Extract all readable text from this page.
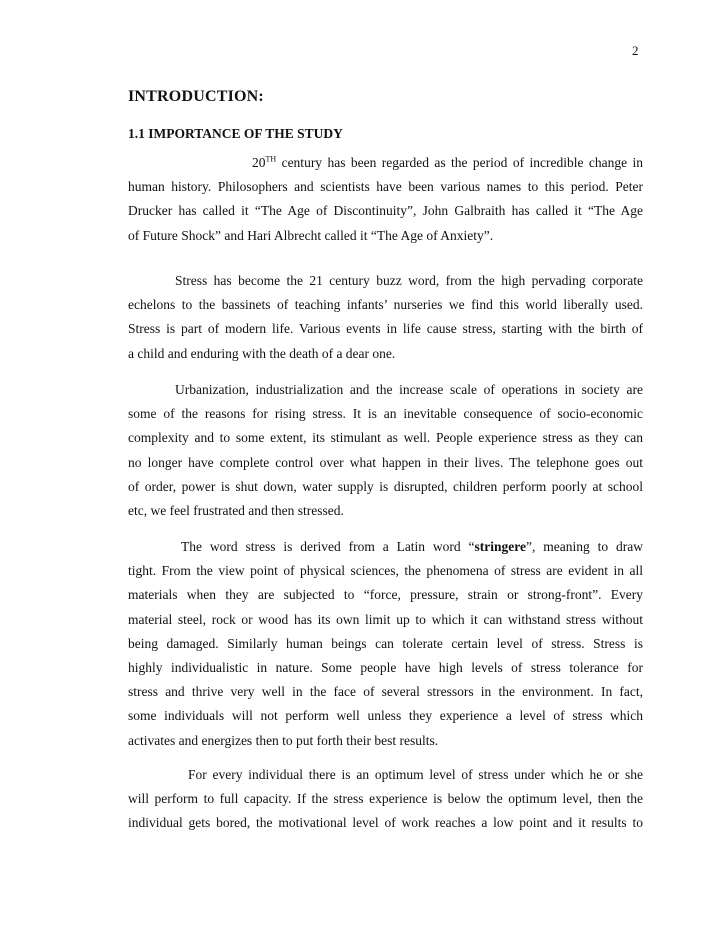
2
INTRODUCTION:
1.1 IMPORTANCE OF THE STUDY
20TH century has been regarded as the period of incredible change in
human history. Philosophers and scientists have been various names to this period. Peter
Drucker has called it “The Age of Discontinuity”, John Galbraith has called it “The Age
of Future Shock” and Hari Albrecht called it “The Age of Anxiety”.
Stress has become the 21 century buzz word, from the high pervading corporate
echelons to the bassinets of teaching infants’ nurseries we find this world liberally used.
Stress is part of modern life. Various events in life cause stress, starting with the birth of
a child and enduring with the death of a dear one.
Urbanization, industrialization and the increase scale of operations in society are
some of the reasons for rising stress. It is an inevitable consequence of socio-economic
complexity and to some extent, its stimulant as well. People experience stress as they can
no longer have complete control over what happen in their lives. The telephone goes out
of order, power is shut down, water supply is disrupted, children perform poorly at school
etc, we feel frustrated and then stressed.
The word stress is derived from a Latin word “stringere”, meaning to draw
tight. From the view point of physical sciences, the phenomena of stress are evident in all
materials when they are subjected to “force, pressure, strain or strong-front”. Every
material steel, rock or wood has its own limit up to which it can withstand stress without
being damaged. Similarly human beings can tolerate certain level of stress. Stress is
highly individualistic in nature. Some people have high levels of stress tolerance for
stress and thrive very well in the face of several stressors in the environment. In fact,
some individuals will not perform well unless they experience a level of stress which
activates and energizes then to put forth their best results.
For every individual there is an optimum level of stress under which he or she
will perform to full capacity. If the stress experience is below the optimum level, then the
individual gets bored, the motivational level of work reaches a low point and it results to
